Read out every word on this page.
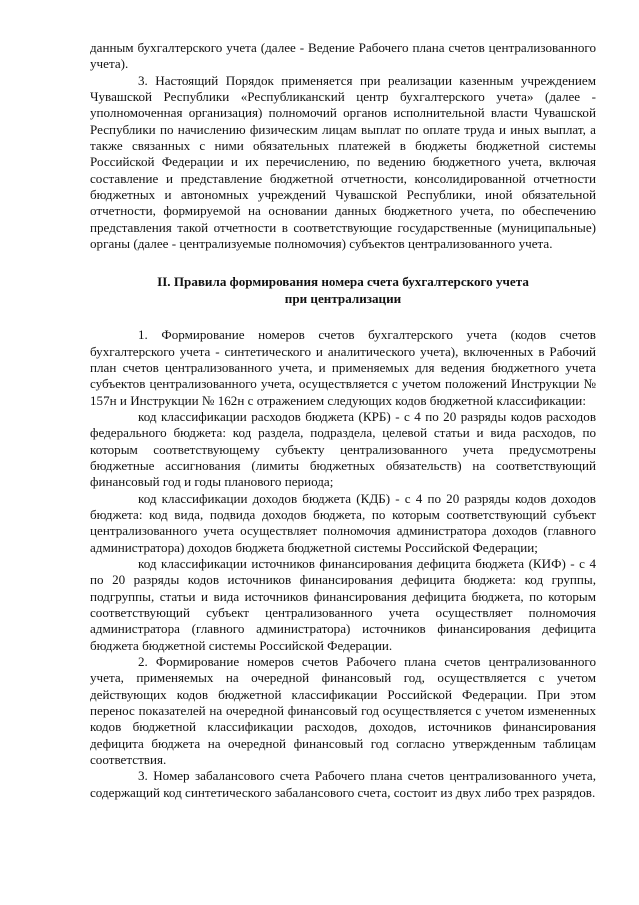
данным бухгалтерского учета (далее - Ведение Рабочего плана счетов централизованного учета).

3. Настоящий Порядок применяется при реализации казенным учреждением Чувашской Республики «Республиканский центр бухгалтерского учета» (далее - уполномоченная организация) полномочий органов исполнительной власти Чувашской Республики по начислению физическим лицам выплат по оплате труда и иных выплат, а также связанных с ними обязательных платежей в бюджеты бюджетной системы Российской Федерации и их перечислению, по ведению бюджетного учета, включая составление и представление бюджетной отчетности, консолидированной отчетности бюджетных и автономных учреждений Чувашской Республики, иной обязательной отчетности, формируемой на основании данных бюджетного учета, по обеспечению представления такой отчетности в соответствующие государственные (муниципальные) органы (далее - централизуемые полномочия) субъектов централизованного учета.

II. Правила формирования номера счета бухгалтерского учета
при централизации

1. Формирование номеров счетов бухгалтерского учета (кодов счетов бухгалтерского учета - синтетического и аналитического учета), включенных в Рабочий план счетов централизованного учета, и применяемых для ведения бюджетного учета субъектов централизованного учета, осуществляется с учетом положений Инструкции № 157н и Инструкции № 162н с отражением следующих кодов бюджетной классификации:

код классификации расходов бюджета (КРБ) - с 4 по 20 разряды кодов расходов федерального бюджета: код раздела, подраздела, целевой статьи и вида расходов, по которым соответствующему субъекту централизованного учета предусмотрены бюджетные ассигнования (лимиты бюджетных обязательств) на соответствующий финансовый год и годы планового периода;

код классификации доходов бюджета (КДБ) - с 4 по 20 разряды кодов доходов бюджета: код вида, подвида доходов бюджета, по которым соответствующий субъект централизованного учета осуществляет полномочия администратора доходов (главного администратора) доходов бюджета бюджетной системы Российской Федерации;

код классификации источников финансирования дефицита бюджета (КИФ) - с 4 по 20 разряды кодов источников финансирования дефицита бюджета: код группы, подгруппы, статьи и вида источников финансирования дефицита бюджета, по которым соответствующий субъект централизованного учета осуществляет полномочия администратора (главного администратора) источников финансирования дефицита бюджета бюджетной системы Российской Федерации.

2. Формирование номеров счетов Рабочего плана счетов централизованного учета, применяемых на очередной финансовый год, осуществляется с учетом действующих кодов бюджетной классификации Российской Федерации. При этом перенос показателей на очередной финансовый год осуществляется с учетом измененных кодов бюджетной классификации расходов, доходов, источников финансирования дефицита бюджета на очередной финансовый год согласно утвержденным таблицам соответствия.

3. Номер забалансового счета Рабочего плана счетов централизованного учета, содержащий код синтетического забалансового счета, состоит из двух либо трех разрядов.
